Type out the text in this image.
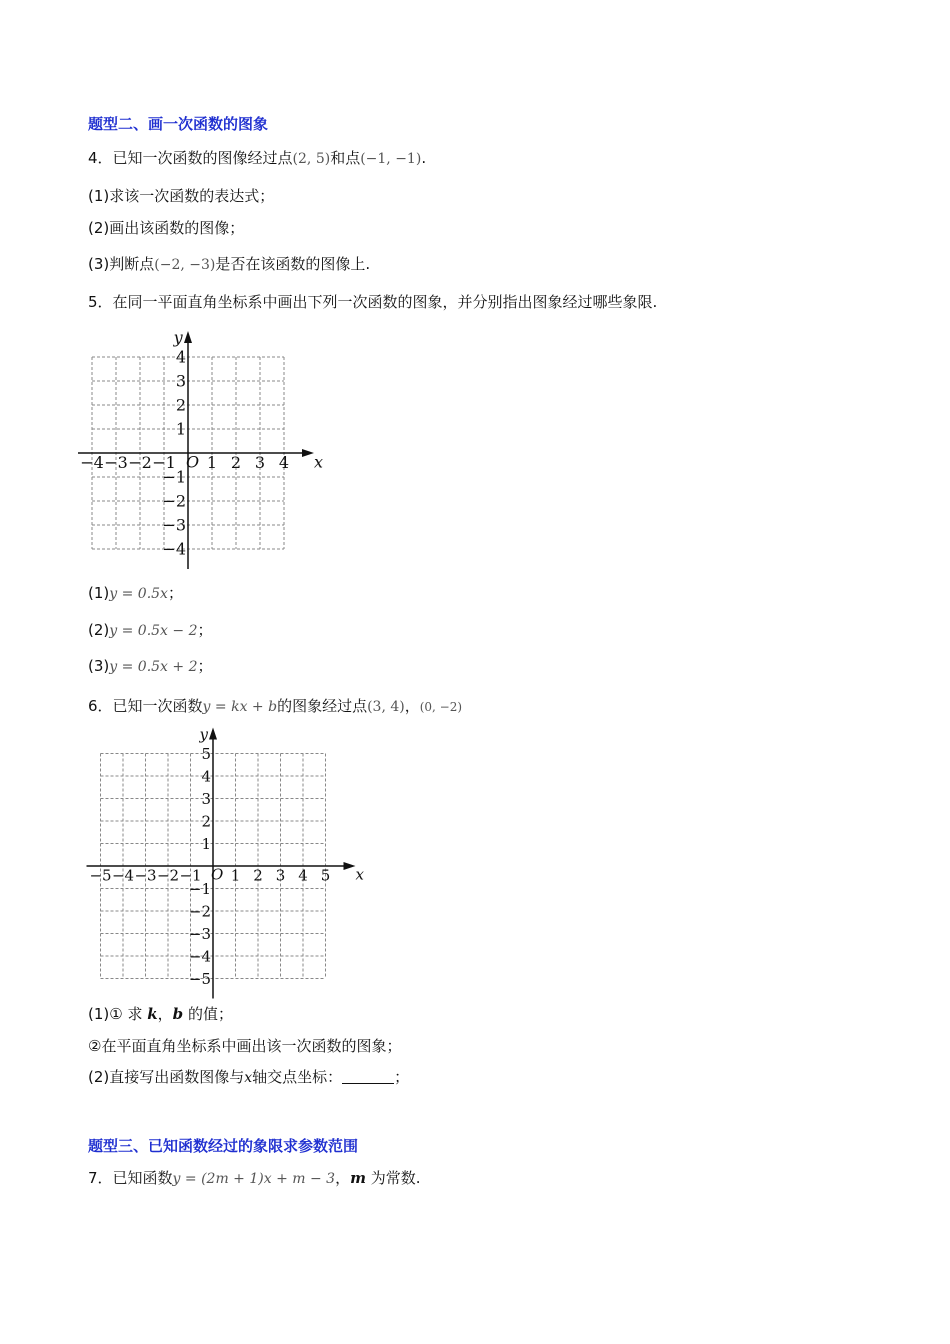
题型二、画一次函数的图象
4．已知一次函数的图像经过点(2, 5)和点(−1, −1).
(1)求该一次函数的表达式；
(2)画出该函数的图像；
(3)判断点(−2, −3)是否在该函数的图像上.
5．在同一平面直角坐标系中画出下列一次函数的图象，并分别指出图象经过哪些象限.
x
y
O
−4 −3 −2 −1 1 2 3 4
4
3
2
1
−1
−2
−3
−4
(1)y = 0.5x；
(2)y = 0.5x − 2；
(3)y = 0.5x + 2；
6．已知一次函数y = kx + b的图象经过点(3, 4)，(0, −2)
x
y
O
−5 −4 −3 −2 −1 1 2 3 4 5
5
4
3
2
1
−1
−2
−3
−4
−5
(1)① 求 k，b 的值；
②在平面直角坐标系中画出该一次函数的图象；
(2)直接写出函数图像与x轴交点坐标：	；
题型三、已知函数经过的象限求参数范围
7．已知函数y = (2m + 1)x + m − 3，m 为常数.
